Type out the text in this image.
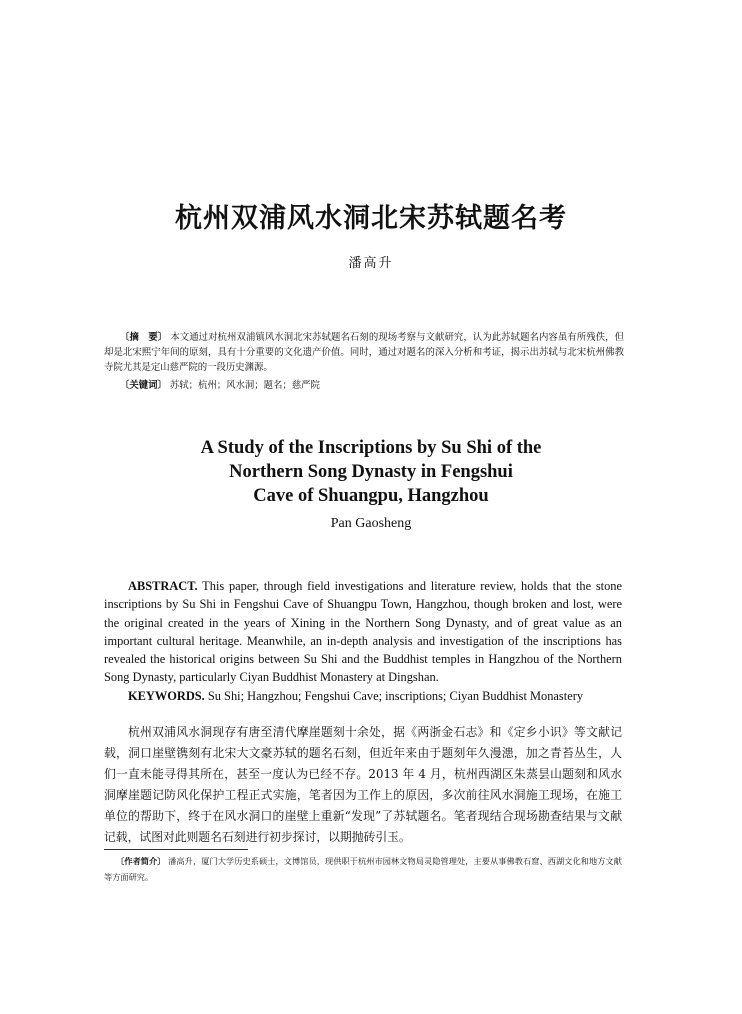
杭州双浦风水洞北宋苏轼题名考
潘高升

〔摘　要〕 本文通过对杭州双浦镇风水洞北宋苏轼题名石刻的现场考察与文献研究，认为此苏轼题名内容虽有所残佚，但却是北宋熙宁年间的原刻，具有十分重要的文化遗产价值。同时，通过对题名的深入分析和考证，揭示出苏轼与北宋杭州佛教寺院尤其是定山慈严院的一段历史渊源。

〔关键词〕 苏轼；杭州；风水洞；题名；慈严院
A Study of the Inscriptions by Su Shi of the
Northern Song Dynasty in Fengshui
Cave of Shuangpu, Hangzhou
Pan Gaosheng

ABSTRACT. This paper, through field investigations and literature review, holds that the stone inscriptions by Su Shi in Fengshui Cave of Shuangpu Town, Hangzhou, though broken and lost, were the original created in the years of Xining in the Northern Song Dynasty, and of great value as an important cultural heritage. Meanwhile, an in-depth analysis and investigation of the inscriptions has revealed the historical origins between Su Shi and the Buddhist temples in Hangzhou of the Northern Song Dynasty, particularly Ciyan Buddhist Monastery at Dingshan.

KEYWORDS. Su Shi; Hangzhou; Fengshui Cave; inscriptions; Ciyan Buddhist Monastery

杭州双浦风水洞现存有唐至清代摩崖题刻十余处，据《两浙金石志》和《定乡小识》等文献记载，洞口崖壁镌刻有北宋大文豪苏轼的题名石刻，但近年来由于题刻年久漫漶，加之青苔丛生，人们一直未能寻得其所在，甚至一度认为已经不存。2013 年 4 月，杭州西湖区朱蒸昙山题刻和风水洞摩崖题记防风化保护工程正式实施，笔者因为工作上的原因，多次前往风水洞施工现场，在施工单位的帮助下，终于在风水洞口的崖壁上重新“发现”了苏轼题名。笔者现结合现场勘查结果与文献记载，试图对此则题名石刻进行初步探讨，以期抛砖引玉。

〔作者简介〕 潘高升，厦门大学历史系硕士，文博馆员，现供职于杭州市园林文物局灵隐管理处，主要从事佛教石窟、西湖文化和地方文献等方面研究。
